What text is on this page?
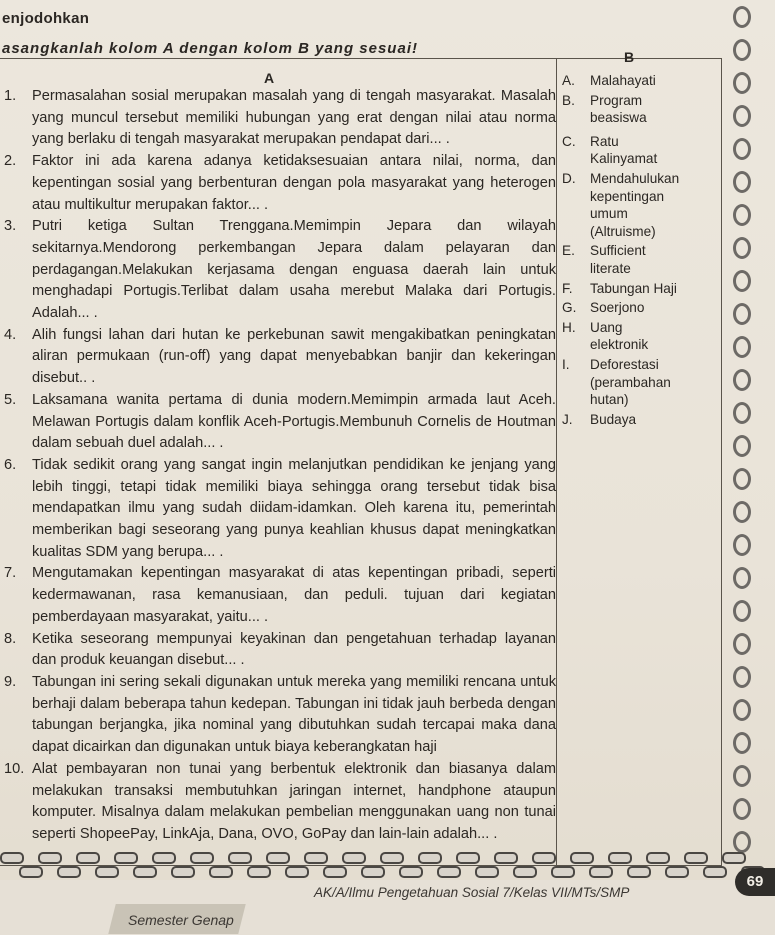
enjodohkan
asangkanlah kolom A dengan kolom B yang sesuai!
A
B
1.	Permasalahan sosial merupakan masalah yang di tengah masyarakat. Masalah yang muncul tersebut memiliki hubungan yang erat dengan nilai atau norma yang berlaku di tengah masyarakat merupakan pendapat dari... .
2.	Faktor ini ada karena adanya ketidaksesuaian antara nilai, norma, dan kepentingan sosial yang berbenturan dengan pola masyarakat yang heterogen atau multikultur merupakan faktor... .
3.	Putri ketiga Sultan Trenggana.Memimpin Jepara dan wilayah sekitarnya.Mendorong perkembangan Jepara dalam pelayaran dan perdagangan.Melakukan kerjasama dengan enguasa daerah lain untuk menghadapi Portugis.Terlibat dalam usaha merebut Malaka dari Portugis. Adalah... .
4.	Alih fungsi lahan dari hutan ke perkebunan sawit mengakibatkan peningkatan aliran permukaan (run-off) yang dapat menyebabkan banjir dan kekeringan disebut.. .
5.	Laksamana wanita pertama di dunia modern.Memimpin armada laut Aceh. Melawan Portugis dalam konflik Aceh-Portugis.Membunuh Cornelis de Houtman dalam sebuah duel adalah... .
6.	Tidak sedikit orang yang sangat ingin melanjutkan pendidikan ke jenjang yang lebih tinggi, tetapi tidak memiliki biaya sehingga orang tersebut tidak bisa mendapatkan ilmu yang sudah diidam-idamkan. Oleh karena itu, pemerintah memberikan bagi seseorang yang punya keahlian khusus dapat meningkatkan kualitas SDM yang berupa... .
7.	Mengutamakan kepentingan masyarakat di atas kepentingan pribadi, seperti kedermawanan, rasa kemanusiaan, dan peduli. tujuan dari kegiatan pemberdayaan masyarakat, yaitu... .
8.	Ketika seseorang mempunyai keyakinan dan pengetahuan terhadap layanan dan produk keuangan disebut... .
9.	Tabungan ini sering sekali digunakan untuk mereka yang memiliki rencana untuk berhaji dalam beberapa tahun kedepan. Tabungan ini tidak jauh berbeda dengan tabungan berjangka, jika nominal yang dibutuhkan sudah tercapai maka dana dapat dicairkan dan digunakan untuk biaya keberangkatan haji
10. Alat pembayaran non tunai yang berbentuk elektronik dan biasanya dalam melakukan transaksi membutuhkan jaringan internet, handphone ataupun komputer. Misalnya dalam melakukan pembelian menggunakan uang non tunai seperti ShopeePay, LinkAja, Dana, OVO, GoPay dan lain-lain adalah... .
A.	Malahayati
B.	Program
beasiswa
C.	Ratu
Kalinyamat
D.	Mendahulukan
kepentingan
umum
(Altruisme)
E.	Sufficient
literate
F.	Tabungan Haji
G.	Soerjono
H.	Uang
elektronik
I.	Deforestasi
(perambahan
hutan)
J.	Budaya
Semester Genap
AK/A/Ilmu Pengetahuan Sosial 7/Kelas VII/MTs/SMP
69
